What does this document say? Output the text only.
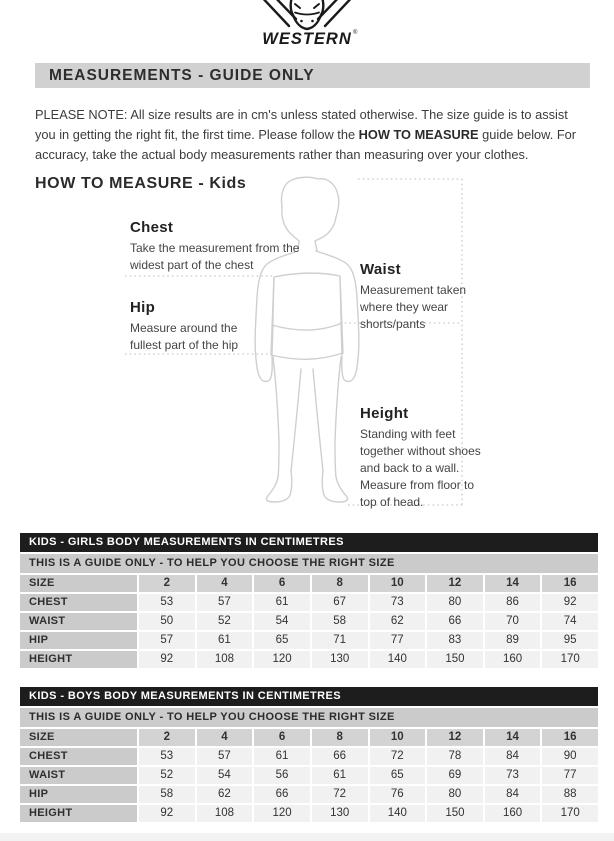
WESTERN ®
MEASUREMENTS - GUIDE ONLY

PLEASE NOTE: All size results are in cm's unless stated otherwise. The size guide is to assist you in getting the right fit, the first time. Please follow the HOW TO MEASURE guide below. For accuracy, take the actual body measurements rather than measuring over your clothes.

HOW TO MEASURE - Kids
Chest
Take the measurement from the widest part of the chest
Hip
Measure around the fullest part of the hip
Waist
Measurement taken where they wear shorts/pants
Height
Standing with feet together without shoes and back to a wall. Measure from floor to top of head.
KIDS - GIRLS BODY MEASUREMENTS IN CENTIMETRES
THIS IS A GUIDE ONLY - TO HELP YOU CHOOSE THE RIGHT SIZE
SIZE	2	4	6	8	10	12	14	16
CHEST	53	57	61	67	73	80	86	92
WAIST	50	52	54	58	62	66	70	74
HIP	57	61	65	71	77	83	89	95
HEIGHT	92	108	120	130	140	150	160	170
KIDS - BOYS BODY MEASUREMENTS IN CENTIMETRES
THIS IS A GUIDE ONLY - TO HELP YOU CHOOSE THE RIGHT SIZE
SIZE	2	4	6	8	10	12	14	16
CHEST	53	57	61	66	72	78	84	90
WAIST	52	54	56	61	65	69	73	77
HIP	58	62	66	72	76	80	84	88
HEIGHT	92	108	120	130	140	150	160	170
